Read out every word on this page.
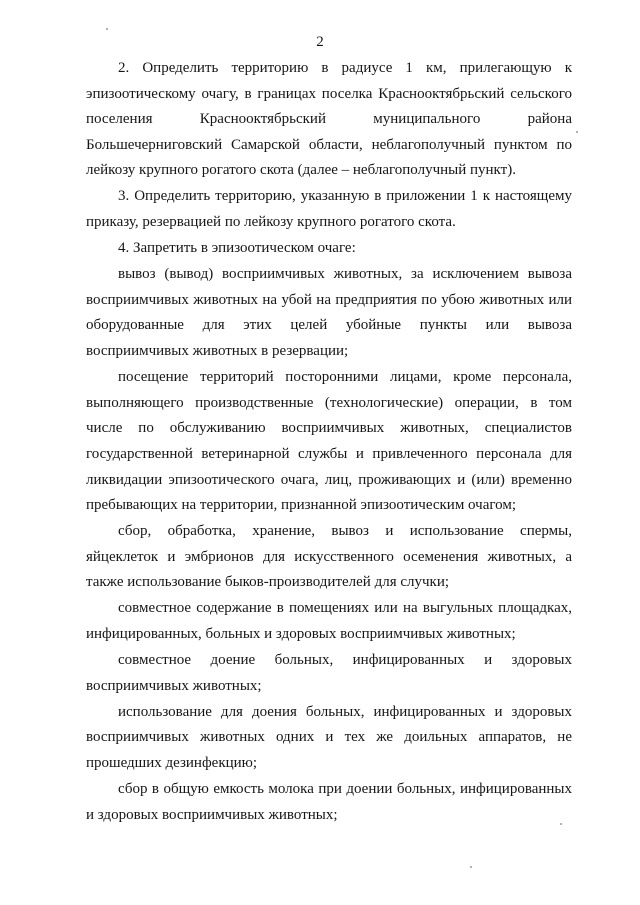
2

2. Определить территорию в радиусе 1 км, прилегающую к эпизоотическому очагу, в границах поселка Краснооктябрьский сельского поселения Краснооктябрьский муниципального района Большечерниговский Самарской области, неблагополучный пунктом по лейкозу крупного рогатого скота (далее – неблагополучный пункт).

3. Определить территорию, указанную в приложении 1 к настоящему приказу, резервацией по лейкозу крупного рогатого скота.

4. Запретить в эпизоотическом очаге:

вывоз (вывод) восприимчивых животных, за исключением вывоза восприимчивых животных на убой на предприятия по убою животных или оборудованные для этих целей убойные пункты или вывоза восприимчивых животных в резервации;

посещение территорий посторонними лицами, кроме персонала, выполняющего производственные (технологические) операции, в том числе по обслуживанию восприимчивых животных, специалистов государственной ветеринарной службы и привлеченного персонала для ликвидации эпизоотического очага, лиц, проживающих и (или) временно пребывающих на территории, признанной эпизоотическим очагом;

сбор, обработка, хранение, вывоз и использование спермы, яйцеклеток и эмбрионов для искусственного осеменения животных, а также использование быков-производителей для случки;

совместное содержание в помещениях или на выгульных площадках, инфицированных, больных и здоровых восприимчивых животных;

совместное доение больных, инфицированных и здоровых восприимчивых животных;

использование для доения больных, инфицированных и здоровых восприимчивых животных одних и тех же доильных аппаратов, не прошедших дезинфекцию;

сбор в общую емкость молока при доении больных, инфицированных и здоровых восприимчивых животных;
